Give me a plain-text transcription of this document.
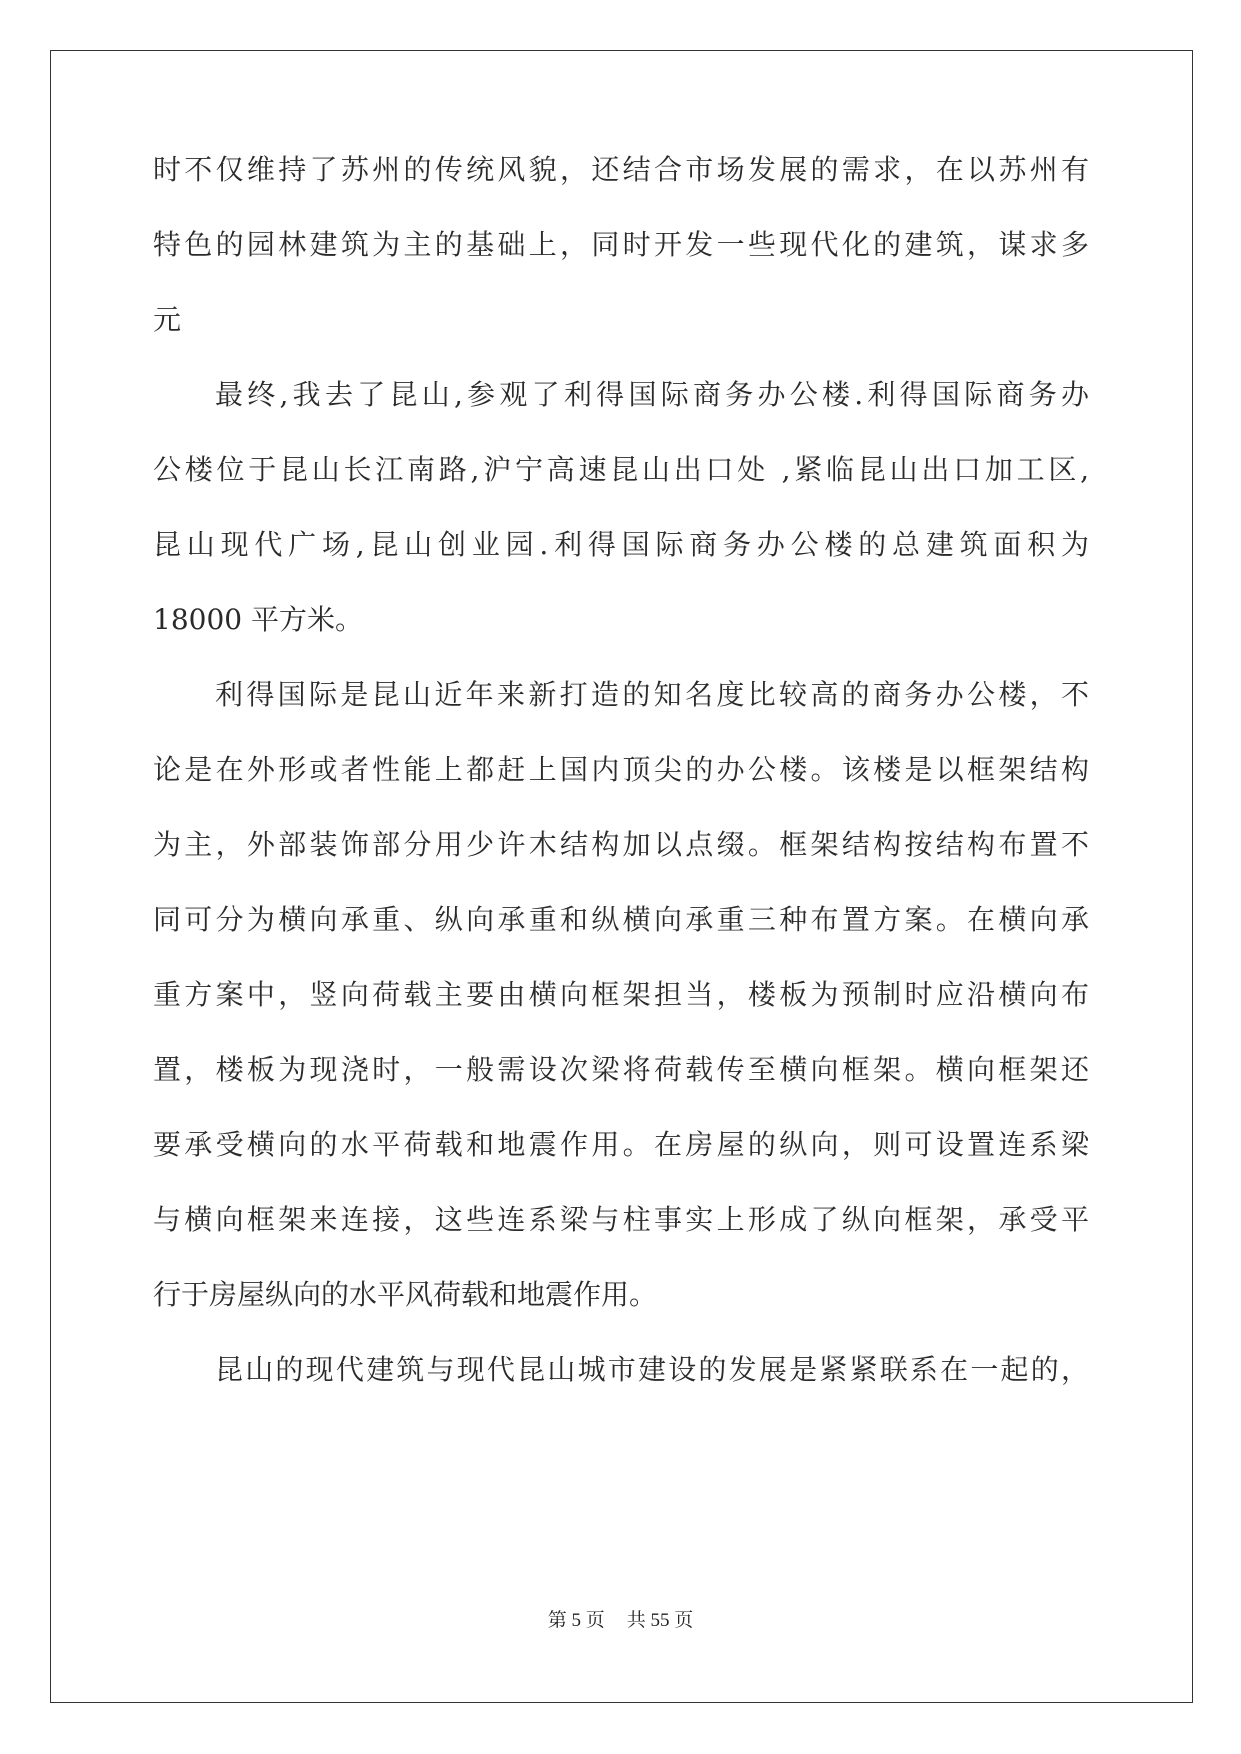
时不仅维持了苏州的传统风貌，还结合市场发展的需求，在以苏州有
特色的园林建筑为主的基础上，同时开发一些现代化的建筑，谋求多
元
最终,我去了昆山,参观了利得国际商务办公楼.利得国际商务办
公楼位于昆山长江南路,沪宁高速昆山出口处 ,紧临昆山出口加工区,
昆山现代广场,昆山创业园.利得国际商务办公楼的总建筑面积为
18000 平方米。
利得国际是昆山近年来新打造的知名度比较高的商务办公楼，不
论是在外形或者性能上都赶上国内顶尖的办公楼。该楼是以框架结构
为主，外部装饰部分用少许木结构加以点缀。框架结构按结构布置不
同可分为横向承重、纵向承重和纵横向承重三种布置方案。在横向承
重方案中，竖向荷载主要由横向框架担当，楼板为预制时应沿横向布
置，楼板为现浇时，一般需设次梁将荷载传至横向框架。横向框架还
要承受横向的水平荷载和地震作用。在房屋的纵向，则可设置连系梁
与横向框架来连接，这些连系梁与柱事实上形成了纵向框架，承受平
行于房屋纵向的水平风荷载和地震作用。
昆山的现代建筑与现代昆山城市建设的发展是紧紧联系在一起的，
第 5 页 共 55 页
